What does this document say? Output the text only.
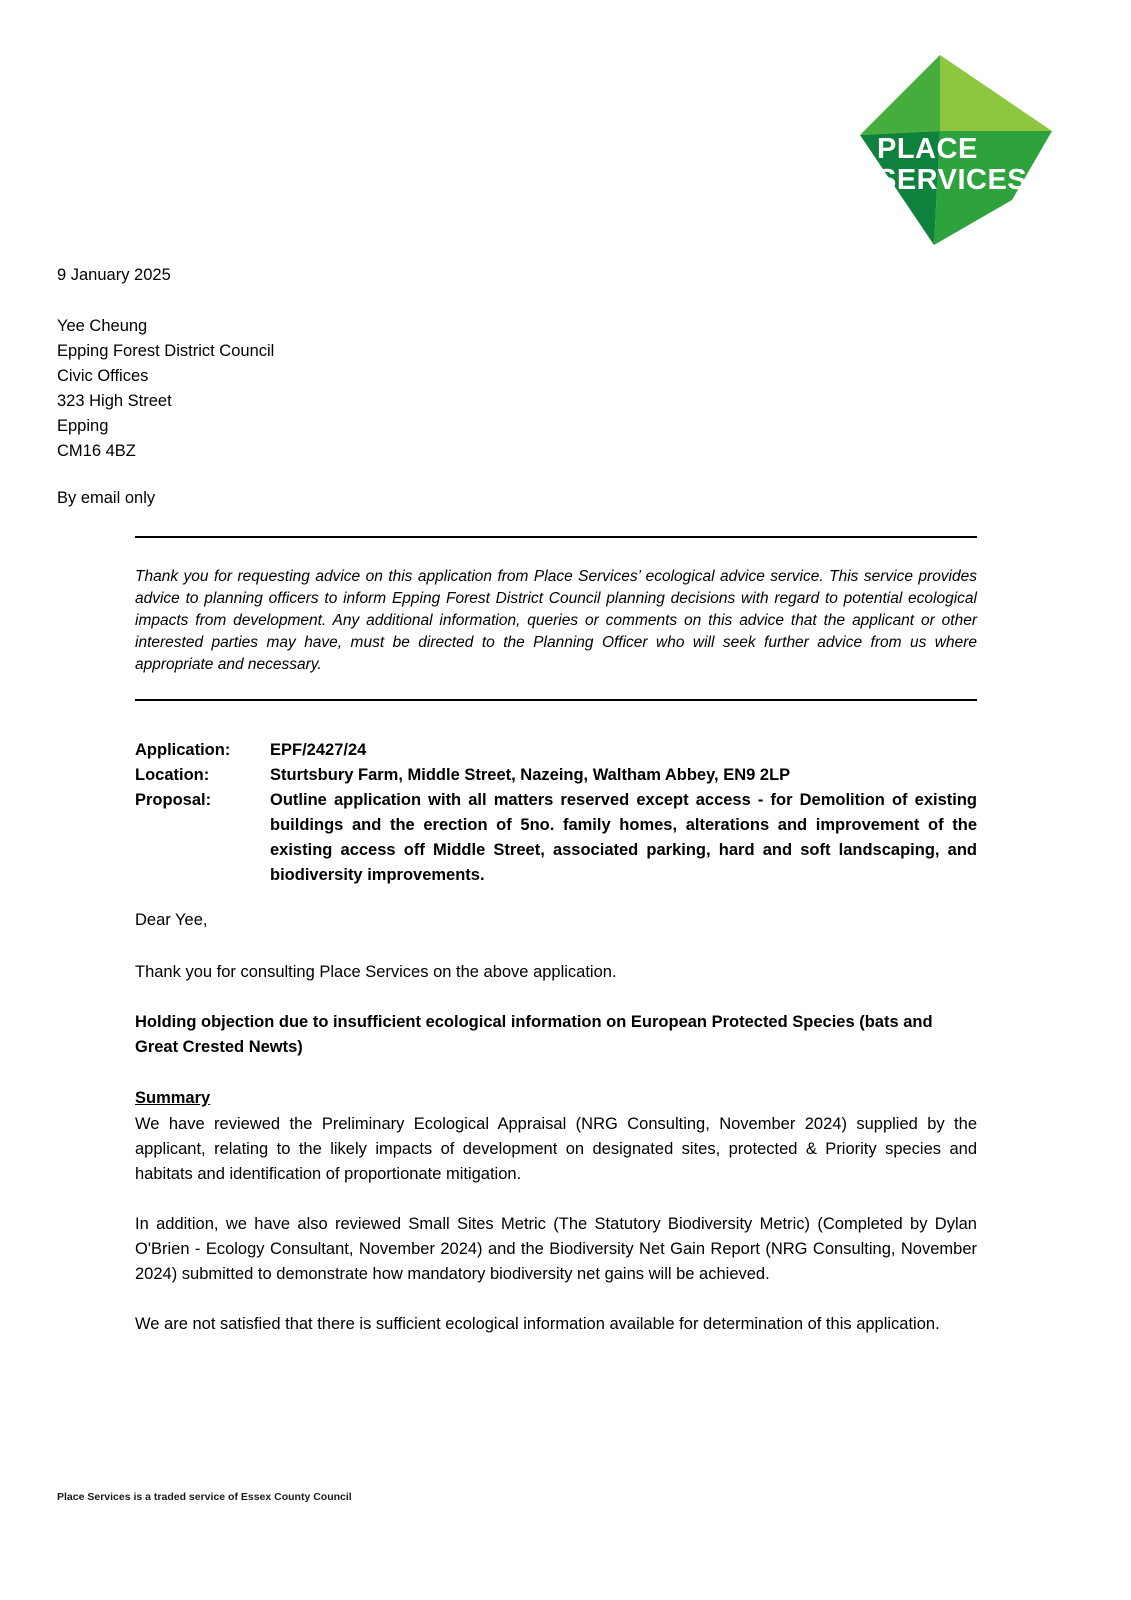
PLACE
SERVICES
9 January 2025
Yee Cheung
Epping Forest District Council
Civic Offices
323 High Street
Epping
CM16 4BZ
By email only

Thank you for requesting advice on this application from Place Services’ ecological advice service. This service provides advice to planning officers to inform Epping Forest District Council planning decisions with regard to potential ecological impacts from development. Any additional information, queries or comments on this advice that the applicant or other interested parties may have, must be directed to the Planning Officer who will seek further advice from us where appropriate and necessary.

Application:	EPF/2427/24
Location:	Sturtsbury Farm, Middle Street, Nazeing, Waltham Abbey, EN9 2LP
Proposal:	Outline application with all matters reserved except access - for Demolition of existing buildings and the erection of 5no. family homes, alterations and improvement of the existing access off Middle Street, associated parking, hard and soft landscaping, and biodiversity improvements.

Dear Yee,

Thank you for consulting Place Services on the above application.

Holding objection due to insufficient ecological information on European Protected Species (bats and Great Crested Newts)

Summary

We have reviewed the Preliminary Ecological Appraisal (NRG Consulting, November 2024) supplied by the applicant, relating to the likely impacts of development on designated sites, protected & Priority species and habitats and identification of proportionate mitigation.

In addition, we have also reviewed Small Sites Metric (The Statutory Biodiversity Metric) (Completed by Dylan O'Brien - Ecology Consultant, November 2024) and the Biodiversity Net Gain Report (NRG Consulting, November 2024) submitted to demonstrate how mandatory biodiversity net gains will be achieved.

We are not satisfied that there is sufficient ecological information available for determination of this application.

Place Services is a traded service of Essex County Council
